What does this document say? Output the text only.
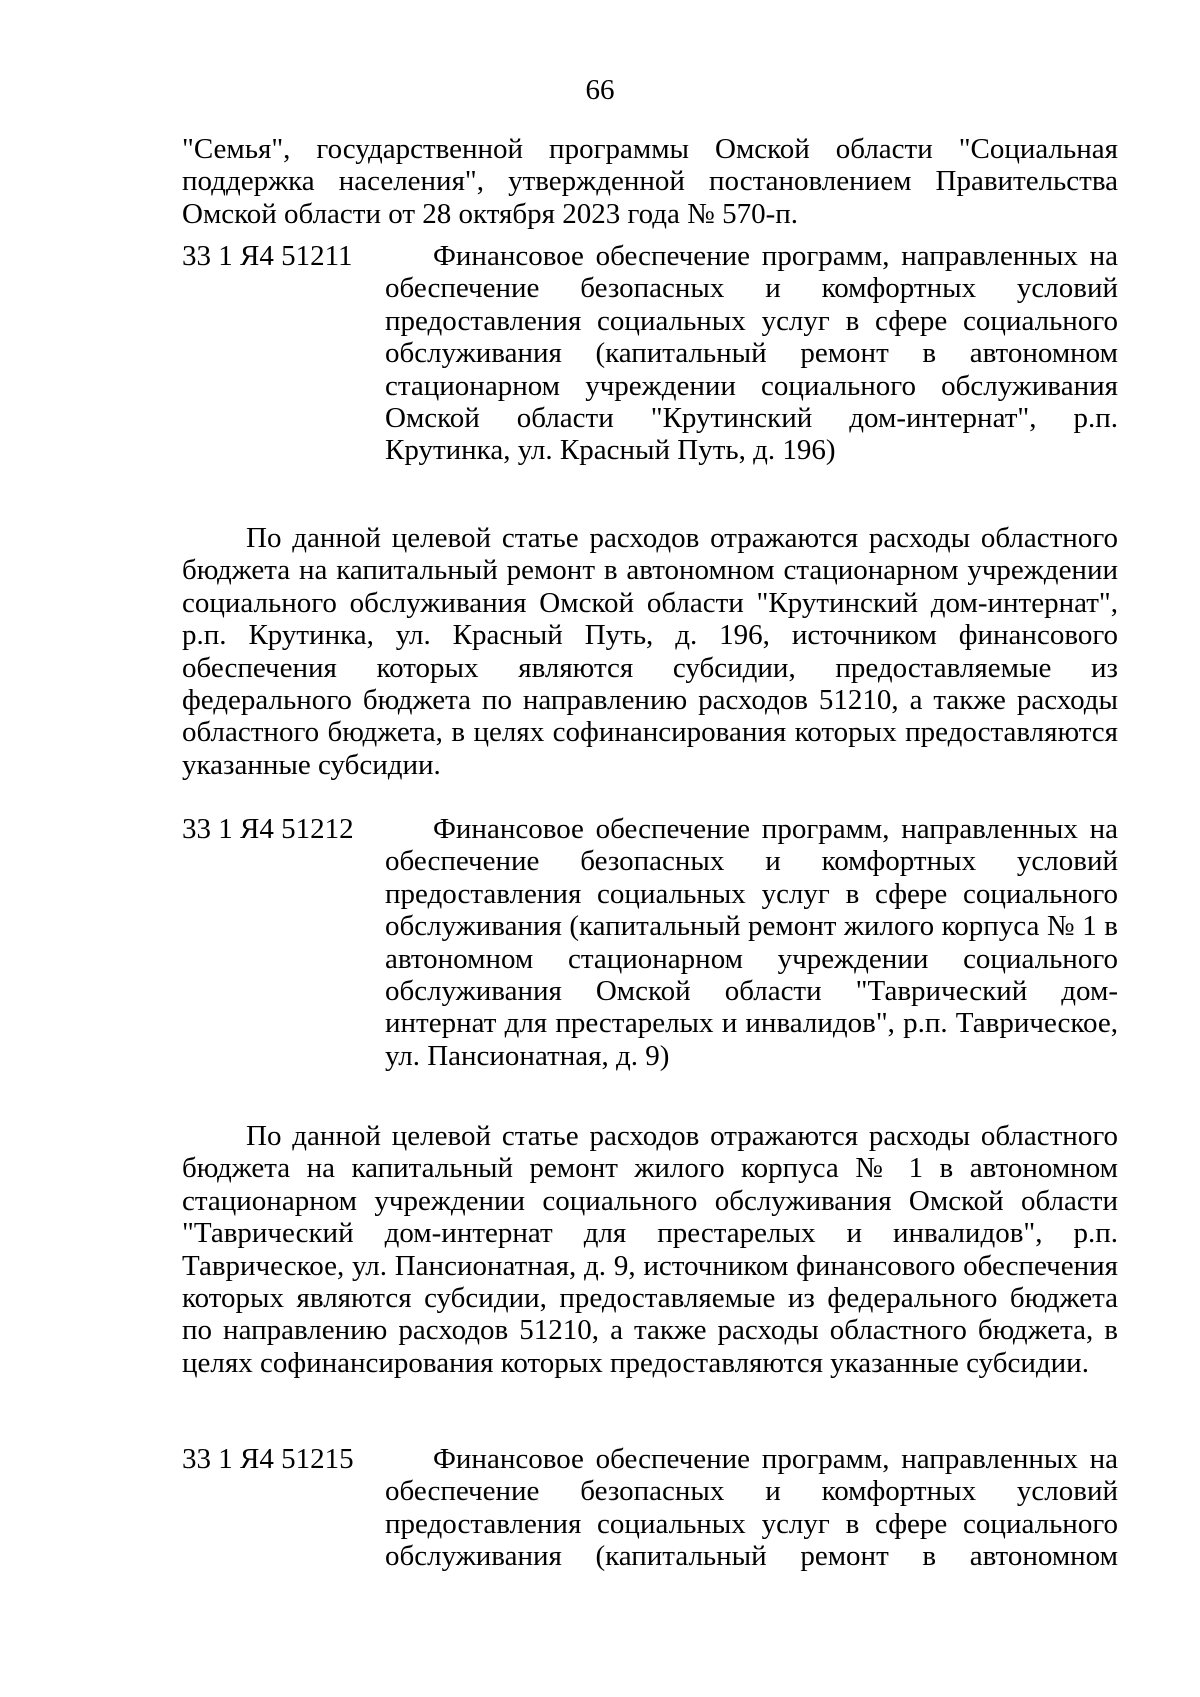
66

"Семья", государственной программы Омской области "Социальная поддержка населения", утвержденной постановлением Правительства Омской области от 28 октября 2023 года № 570-п.

33 1 Я4 51211	Финансовое обеспечение программ, направленных на обеспечение безопасных и комфортных условий предоставления социальных услуг в сфере социального обслуживания (капитальный ремонт в автономном стационарном учреждении социального обслуживания Омской области "Крутинский дом-интернат", р.п. Крутинка, ул. Красный Путь, д. 196)

По данной целевой статье расходов отражаются расходы областного бюджета на капитальный ремонт в автономном стационарном учреждении социального обслуживания Омской области "Крутинский дом-интернат", р.п. Крутинка, ул. Красный Путь, д. 196, источником финансового обеспечения которых являются субсидии, предоставляемые из федерального бюджета по направлению расходов 51210, а также расходы областного бюджета, в целях софинансирования которых предоставляются указанные субсидии.

33 1 Я4 51212	Финансовое обеспечение программ, направленных на обеспечение безопасных и комфортных условий предоставления социальных услуг в сфере социального обслуживания (капитальный ремонт жилого корпуса № 1 в автономном стационарном учреждении социального обслуживания Омской области "Таврический дом-интернат для престарелых и инвалидов", р.п. Таврическое, ул. Пансионатная, д. 9)

По данной целевой статье расходов отражаются расходы областного бюджета на капитальный ремонт жилого корпуса № 1 в автономном стационарном учреждении социального обслуживания Омской области "Таврический дом-интернат для престарелых и инвалидов", р.п. Таврическое, ул. Пансионатная, д. 9, источником финансового обеспечения которых являются субсидии, предоставляемые из федерального бюджета по направлению расходов 51210, а также расходы областного бюджета, в целях софинансирования которых предоставляются указанные субсидии.

33 1 Я4 51215	Финансовое обеспечение программ, направленных на обеспечение безопасных и комфортных условий предоставления социальных услуг в сфере социального обслуживания (капитальный ремонт в автономном
